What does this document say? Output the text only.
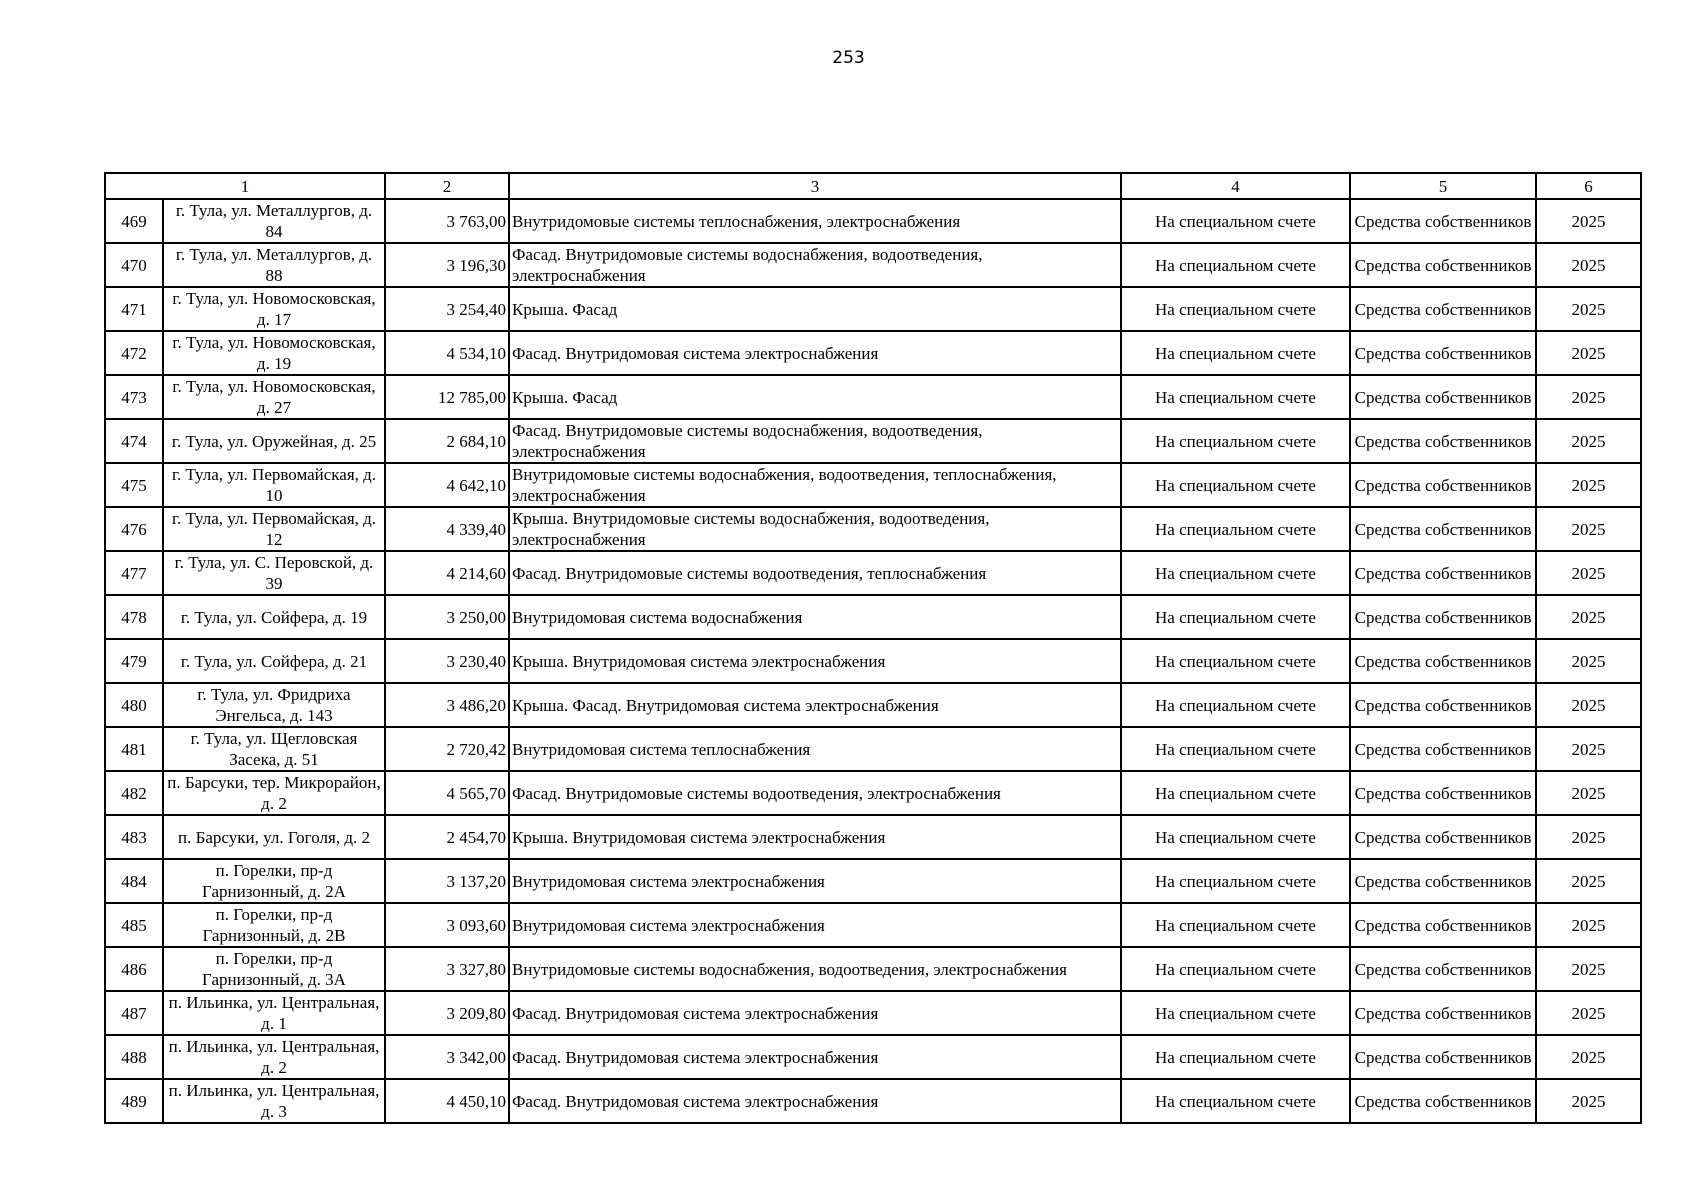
253
1		2	3	4	5	6
469	г. Тула, ул. Металлургов, д. 84	3 763,00	Внутридомовые системы теплоснабжения, электроснабжения	На специальном счете	Средства собственников	2025
470	г. Тула, ул. Металлургов, д. 88	3 196,30	Фасад. Внутридомовые системы водоснабжения, водоотведения, электроснабжения	На специальном счете	Средства собственников	2025
471	г. Тула, ул. Новомосковская, д. 17	3 254,40	Крыша. Фасад	На специальном счете	Средства собственников	2025
472	г. Тула, ул. Новомосковская, д. 19	4 534,10	Фасад. Внутридомовая система электроснабжения	На специальном счете	Средства собственников	2025
473	г. Тула, ул. Новомосковская, д. 27	12 785,00	Крыша. Фасад	На специальном счете	Средства собственников	2025
474	г. Тула, ул. Оружейная, д. 25	2 684,10	Фасад. Внутридомовые системы водоснабжения, водоотведения, электроснабжения	На специальном счете	Средства собственников	2025
475	г. Тула, ул. Первомайская, д. 10	4 642,10	Внутридомовые системы водоснабжения, водоотведения, теплоснабжения, электроснабжения	На специальном счете	Средства собственников	2025
476	г. Тула, ул. Первомайская, д. 12	4 339,40	Крыша. Внутридомовые системы водоснабжения, водоотведения, электроснабжения	На специальном счете	Средства собственников	2025
477	г. Тула, ул. С. Перовской, д. 39	4 214,60	Фасад. Внутридомовые системы водоотведения, теплоснабжения	На специальном счете	Средства собственников	2025
478	г. Тула, ул. Сойфера, д. 19	3 250,00	Внутридомовая система водоснабжения	На специальном счете	Средства собственников	2025
479	г. Тула, ул. Сойфера, д. 21	3 230,40	Крыша. Внутридомовая система электроснабжения	На специальном счете	Средства собственников	2025
480	г. Тула, ул. Фридриха Энгельса, д. 143	3 486,20	Крыша. Фасад. Внутридомовая система электроснабжения	На специальном счете	Средства собственников	2025
481	г. Тула, ул. Щегловская Засека, д. 51	2 720,42	Внутридомовая система теплоснабжения	На специальном счете	Средства собственников	2025
482	п. Барсуки, тер. Микрорайон, д. 2	4 565,70	Фасад. Внутридомовые системы водоотведения, электроснабжения	На специальном счете	Средства собственников	2025
483	п. Барсуки, ул. Гоголя, д. 2	2 454,70	Крыша. Внутридомовая система электроснабжения	На специальном счете	Средства собственников	2025
484	п. Горелки, пр-д Гарнизонный, д. 2А	3 137,20	Внутридомовая система электроснабжения	На специальном счете	Средства собственников	2025
485	п. Горелки, пр-д Гарнизонный, д. 2В	3 093,60	Внутридомовая система электроснабжения	На специальном счете	Средства собственников	2025
486	п. Горелки, пр-д Гарнизонный, д. 3А	3 327,80	Внутридомовые системы водоснабжения, водоотведения, электроснабжения	На специальном счете	Средства собственников	2025
487	п. Ильинка, ул. Центральная, д. 1	3 209,80	Фасад. Внутридомовая система электроснабжения	На специальном счете	Средства собственников	2025
488	п. Ильинка, ул. Центральная, д. 2	3 342,00	Фасад. Внутридомовая система электроснабжения	На специальном счете	Средства собственников	2025
489	п. Ильинка, ул. Центральная, д. 3	4 450,10	Фасад. Внутридомовая система электроснабжения	На специальном счете	Средства собственников	2025
